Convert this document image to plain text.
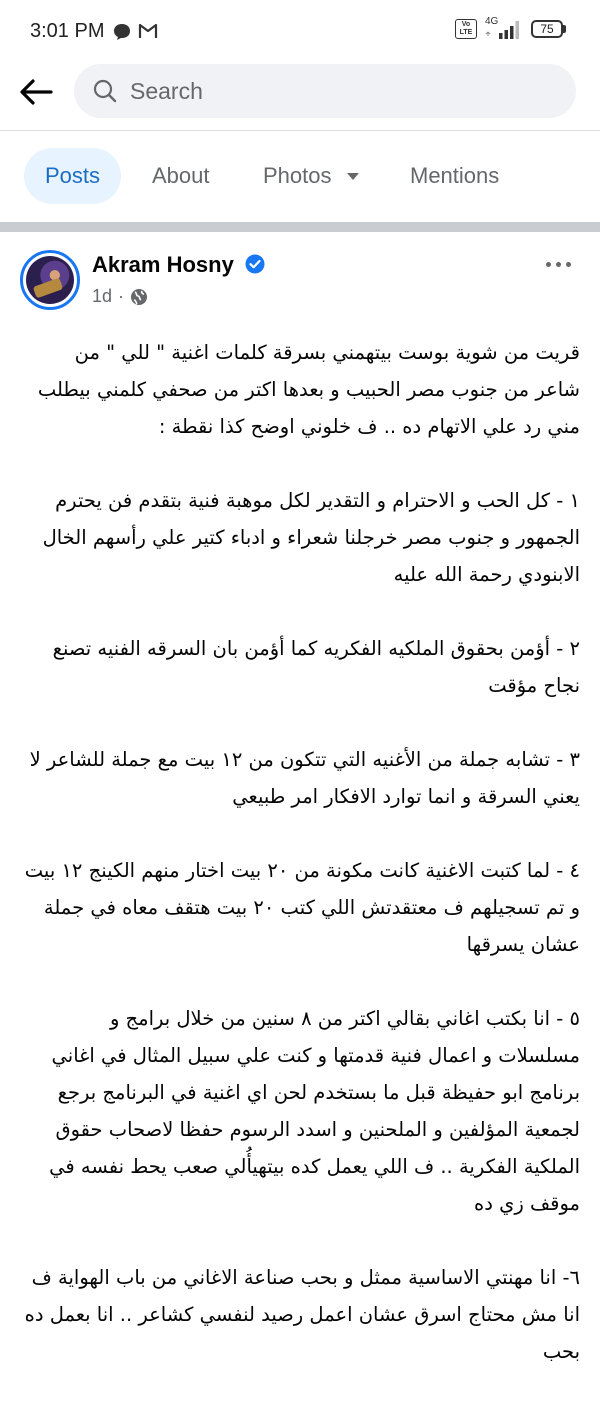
3:01 PM	Vo LTE
4G
75
Search
Posts	About Photos	Mentions
Akram Hosny
1d ·

قريت من شوية بوست بيتهمني بسرقة كلمات اغنية " للي " من شاعر من جنوب مصر الحبيب و بعدها اكتر من صحفي كلمني بيطلب مني رد علي الاتهام ده .. ف خلوني اوضح كذا نقطة :

١ - كل الحب و الاحترام و التقدير لكل موهبة فنية بتقدم فن يحترم الجمهور و جنوب مصر خرجلنا شعراء و ادباء كتير علي رأسهم الخال الابنودي رحمة الله عليه

٢ - أؤمن بحقوق الملكيه الفكريه كما أؤمن بان السرقه الفنيه تصنع نجاح مؤقت

٣ - تشابه جملة من الأغنيه التي تتكون من ١٢ بيت مع جملة للشاعر لا يعني السرقة و انما توارد الافكار امر طبيعي

٤ - لما كتبت الاغنية كانت مكونة من ٢٠ بيت اختار منهم الكينج ١٢ بيت و تم تسجيلهم ف معتقدتش اللي كتب ٢٠ بيت هتقف معاه في جملة عشان يسرقها

٥ - انا بكتب اغاني بقالي اكتر من ٨ سنين من خلال برامج و مسلسلات و اعمال فنية قدمتها و كنت علي سبيل المثال في اغاني برنامج ابو حفيظة قبل ما بستخدم لحن اي اغنية في البرنامج برجع لجمعية المؤلفين و الملحنين و اسدد الرسوم حفظا لاصحاب حقوق الملكية الفكرية .. ف اللي يعمل كده بيتهيأُلي صعب يحط نفسه في موقف زي ده

٦- انا مهنتي الاساسية ممثل و بحب صناعة الاغاني من باب الهواية ف انا مش محتاج اسرق عشان اعمل رصيد لنفسي كشاعر .. انا بعمل ده بحب
